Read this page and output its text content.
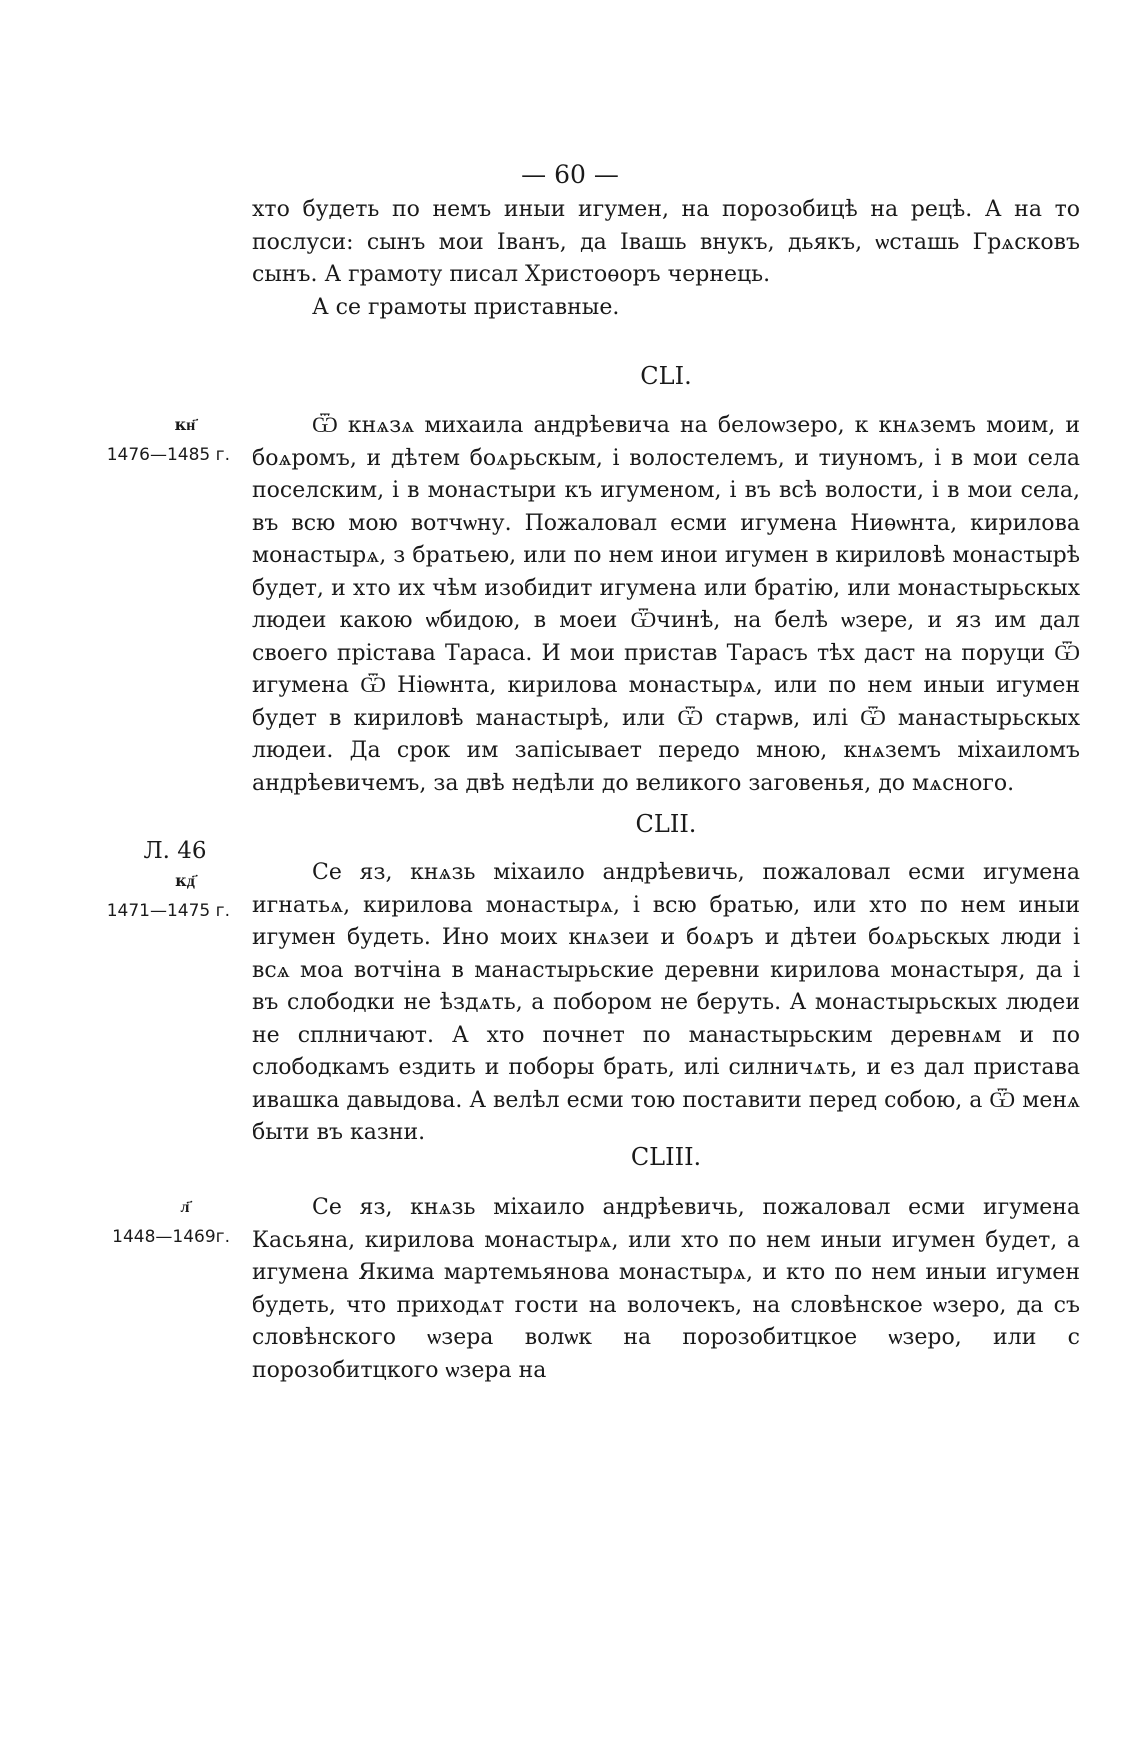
— 60 —

хто будеть по немъ иныи игумен, на порозобицѣ на рецѣ. А на то послуси: сынъ мои Іванъ, да Івашь внукъ, дьякъ, ѡсташь Грѧсковъ сынъ. А грамоту писал Христоѳоръ чернець.

А се грамоты приставные.

CLI.
кн҃
1476—1485 г.

Ѿ кнѧзѧ михаила андрѣевича на белоѡзеро, к кнѧземъ моим, и боѧромъ, и дѣтем боѧрьскым, і волостелемъ, и тиуномъ, і в мои села поселским, і в монастыри къ игуменом, і въ всѣ волости, і в мои села, въ всю мою вотчѡну. Пожаловал есми игумена Ниѳѡнта, кирилова монастырѧ, з братьею, или по нем инои игумен в кириловѣ монастырѣ будет, и хто их чѣм изобидит игумена или братію, или монастырьскых людеи какою ѡбидою, в моеи Ѿчинѣ, на белѣ ѡзере, и яз им дал своего прістава Тараса. И мои пристав Тарасъ тѣх даст на поруци Ѿ игумена Ѿ Ніѳѡнта, кирилова монастырѧ, или по нем иныи игумен будет в кириловѣ манастырѣ, или Ѿ старѡв, илі Ѿ манастырьскых людеи. Да срок им запісывает передо мною, кнѧземъ міхаиломъ андрѣевичемъ, за двѣ недѣли до великого заговенья, до мѧсного.

CLII.
Л. 46
кд҃
1471—1475 г.

Се яз, кнѧзь міхаило андрѣевичь, пожаловал есми игумена игнатьѧ, кирилова монастырѧ, і всю братью, или хто по нем иныи игумен будеть. Ино моих кнѧзеи и боѧръ и дѣтеи боѧрьскых люди і всѧ моа вотчіна в манастырьские деревни кирилова монастыря, да і въ слободки не ѣздѧть, а побором не беруть. А монастырьскых людеи не сплничают. А хто почнет по манастырьским деревнѧм и по слободкамъ ездить и поборы брать, илі силничѧть, и ез дал пристава ивашка давыдова. А велѣл есми тою поставити перед собою, а Ѿ менѧ быти въ казни.

CLIII.
л҃
1448—1469г.

Се яз, кнѧзь міхаило андрѣевичь, пожаловал есми игумена Касьяна, кирилова монастырѧ, или хто по нем иныи игумен будет, а игумена Якима мартемьянова монастырѧ, и кто по нем иныи игумен будеть, что приходѧт гости на волочекъ, на словѣнское ѡзеро, да съ словѣнского ѡзера волѡк на порозобитцкое ѡзеро, или с порозобитцкого ѡзера на
